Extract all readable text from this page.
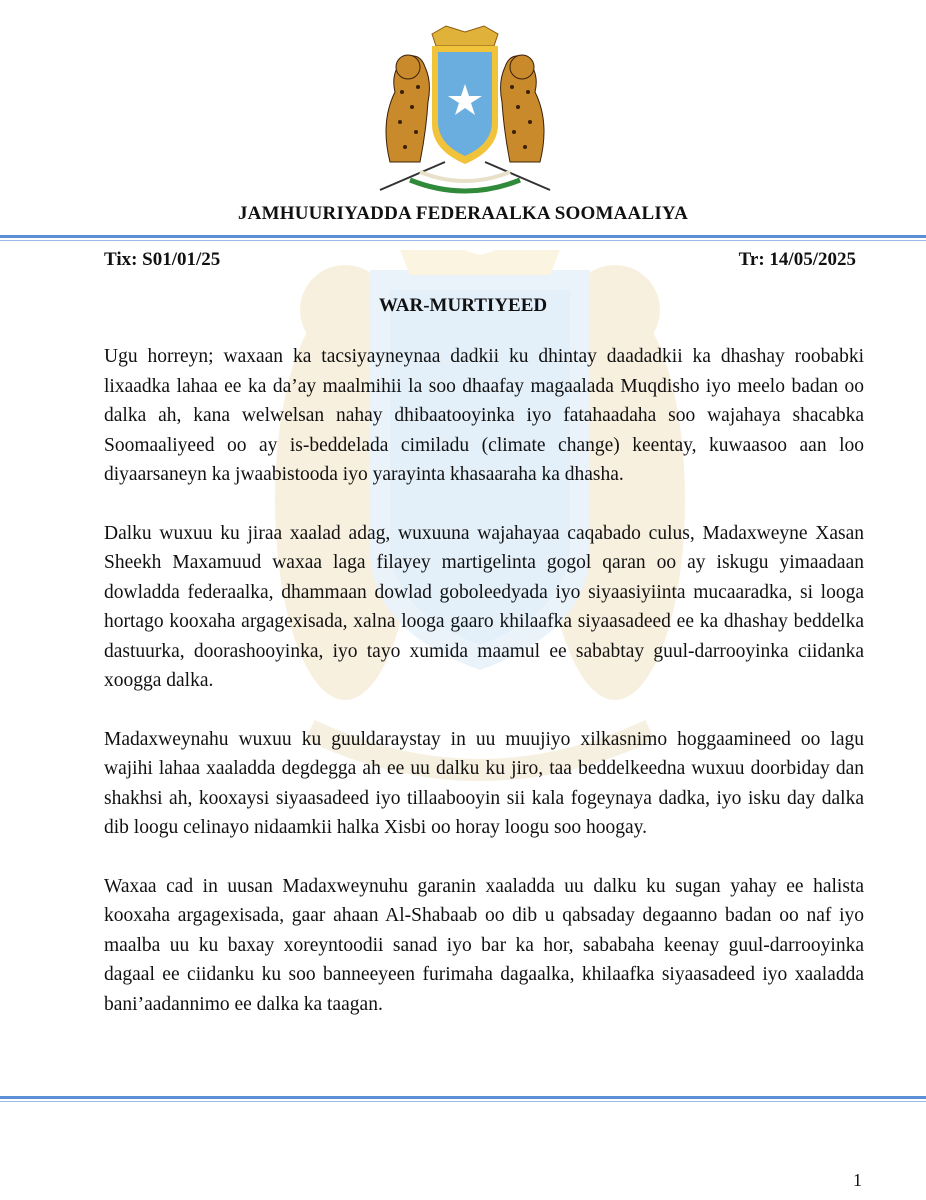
JAMHUURIYADDA FEDERAALKA SOOMAALIYA
Tix: S01/01/25	Tr: 14/05/2025
WAR-MURTIYEED

Ugu horreyn; waxaan ka tacsiyayneynaa dadkii ku dhintay daadadkii ka dhashay roobabki lixaadka lahaa ee ka da’ay maalmihii la soo dhaafay magaalada Muqdisho iyo meelo badan oo dalka ah, kana welwelsan nahay dhibaatooyinka iyo fatahaadaha soo wajahaya shacabka Soomaaliyeed oo ay is-beddelada cimiladu (climate change) keentay, kuwaasoo aan loo diyaarsaneyn ka jwaabistooda iyo yarayinta khasaaraha ka dhasha.

Dalku wuxuu ku jiraa xaalad adag, wuxuuna wajahayaa caqabado culus, Madaxweyne Xasan Sheekh Maxamuud waxaa laga filayey martigelinta gogol qaran oo ay iskugu yimaadaan dowladda federaalka, dhammaan dowlad goboleedyada iyo siyaasiyiinta mucaaradka, si looga hortago kooxaha argagexisada, xalna looga gaaro khilaafka siyaasadeed ee ka dhashay beddelka dastuurka, doorashooyinka, iyo tayo xumida maamul ee sababtay guul-darrooyinka ciidanka xoogga dalka.

Madaxweynahu wuxuu ku guuldaraystay in uu muujiyo xilkasnimo hoggaamineed oo lagu wajihi lahaa xaaladda degdegga ah ee uu dalku ku jiro, taa beddelkeedna wuxuu doorbiday dan shakhsi ah, kooxaysi siyaasadeed iyo tillaabooyin sii kala fogeynaya dadka, iyo isku day dalka dib loogu celinayo nidaamkii halka Xisbi oo horay loogu soo hoogay.

Waxaa cad in uusan Madaxweynuhu garanin xaaladda uu dalku ku sugan yahay ee halista kooxaha argagexisada, gaar ahaan Al-Shabaab oo dib u qabsaday degaanno badan oo naf iyo maalba uu ku baxay xoreyntoodii sanad iyo bar ka hor, sababaha keenay guul-darrooyinka dagaal ee ciidanku ku soo banneeyeen furimaha dagaalka, khilaafka siyaasadeed iyo xaaladda bani’aadannimo ee dalka ka taagan.

1
